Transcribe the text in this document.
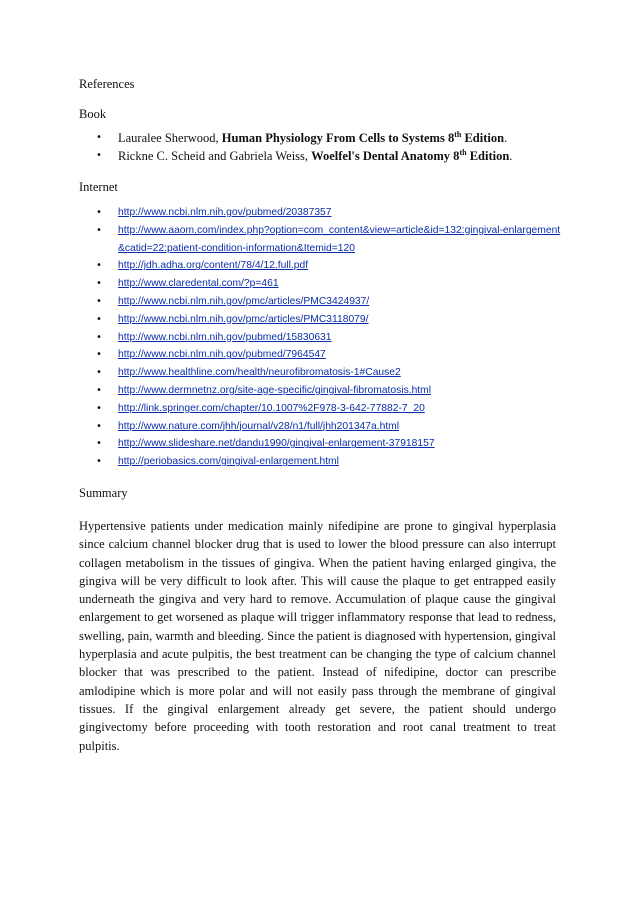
References
Book
• Lauralee Sherwood, Human Physiology From Cells to Systems 8th Edition.
• Rickne C. Scheid and Gabriela Weiss, Woelfel's Dental Anatomy 8th Edition.
Internet
• http://www.ncbi.nlm.nih.gov/pubmed/20387357
• http://www.aaom.com/index.php?option=com_content&view=article&id=132:gingival-enlargement&catid=22:patient-condition-information&Itemid=120
• http://jdh.adha.org/content/78/4/12.full.pdf
• http://www.claredental.com/?p=461
• http://www.ncbi.nlm.nih.gov/pmc/articles/PMC3424937/
• http://www.ncbi.nlm.nih.gov/pmc/articles/PMC3118079/
• http://www.ncbi.nlm.nih.gov/pubmed/15830631
• http://www.ncbi.nlm.nih.gov/pubmed/7964547
• http://www.healthline.com/health/neurofibromatosis-1#Cause2
• http://www.dermnetnz.org/site-age-specific/gingival-fibromatosis.html
• http://link.springer.com/chapter/10.1007%2F978-3-642-77882-7_20
• http://www.nature.com/jhh/journal/v28/n1/full/jhh201347a.html
• http://www.slideshare.net/dandu1990/gingival-enlargement-37918157
• http://periobasics.com/gingival-enlargement.html
Summary

Hypertensive patients under medication mainly nifedipine are prone to gingival hyperplasia since calcium channel blocker drug that is used to lower the blood pressure can also interrupt collagen metabolism in the tissues of gingiva. When the patient having enlarged gingiva, the gingiva will be very difficult to look after. This will cause the plaque to get entrapped easily underneath the gingiva and very hard to remove. Accumulation of plaque cause the gingival enlargement to get worsened as plaque will trigger inflammatory response that lead to redness, swelling, pain, warmth and bleeding. Since the patient is diagnosed with hypertension, gingival hyperplasia and acute pulpitis, the best treatment can be changing the type of calcium channel blocker that was prescribed to the patient. Instead of nifedipine, doctor can prescribe amlodipine which is more polar and will not easily pass through the membrane of gingival tissues. If the gingival enlargement already get severe, the patient should undergo gingivectomy before proceeding with tooth restoration and root canal treatment to treat pulpitis.
